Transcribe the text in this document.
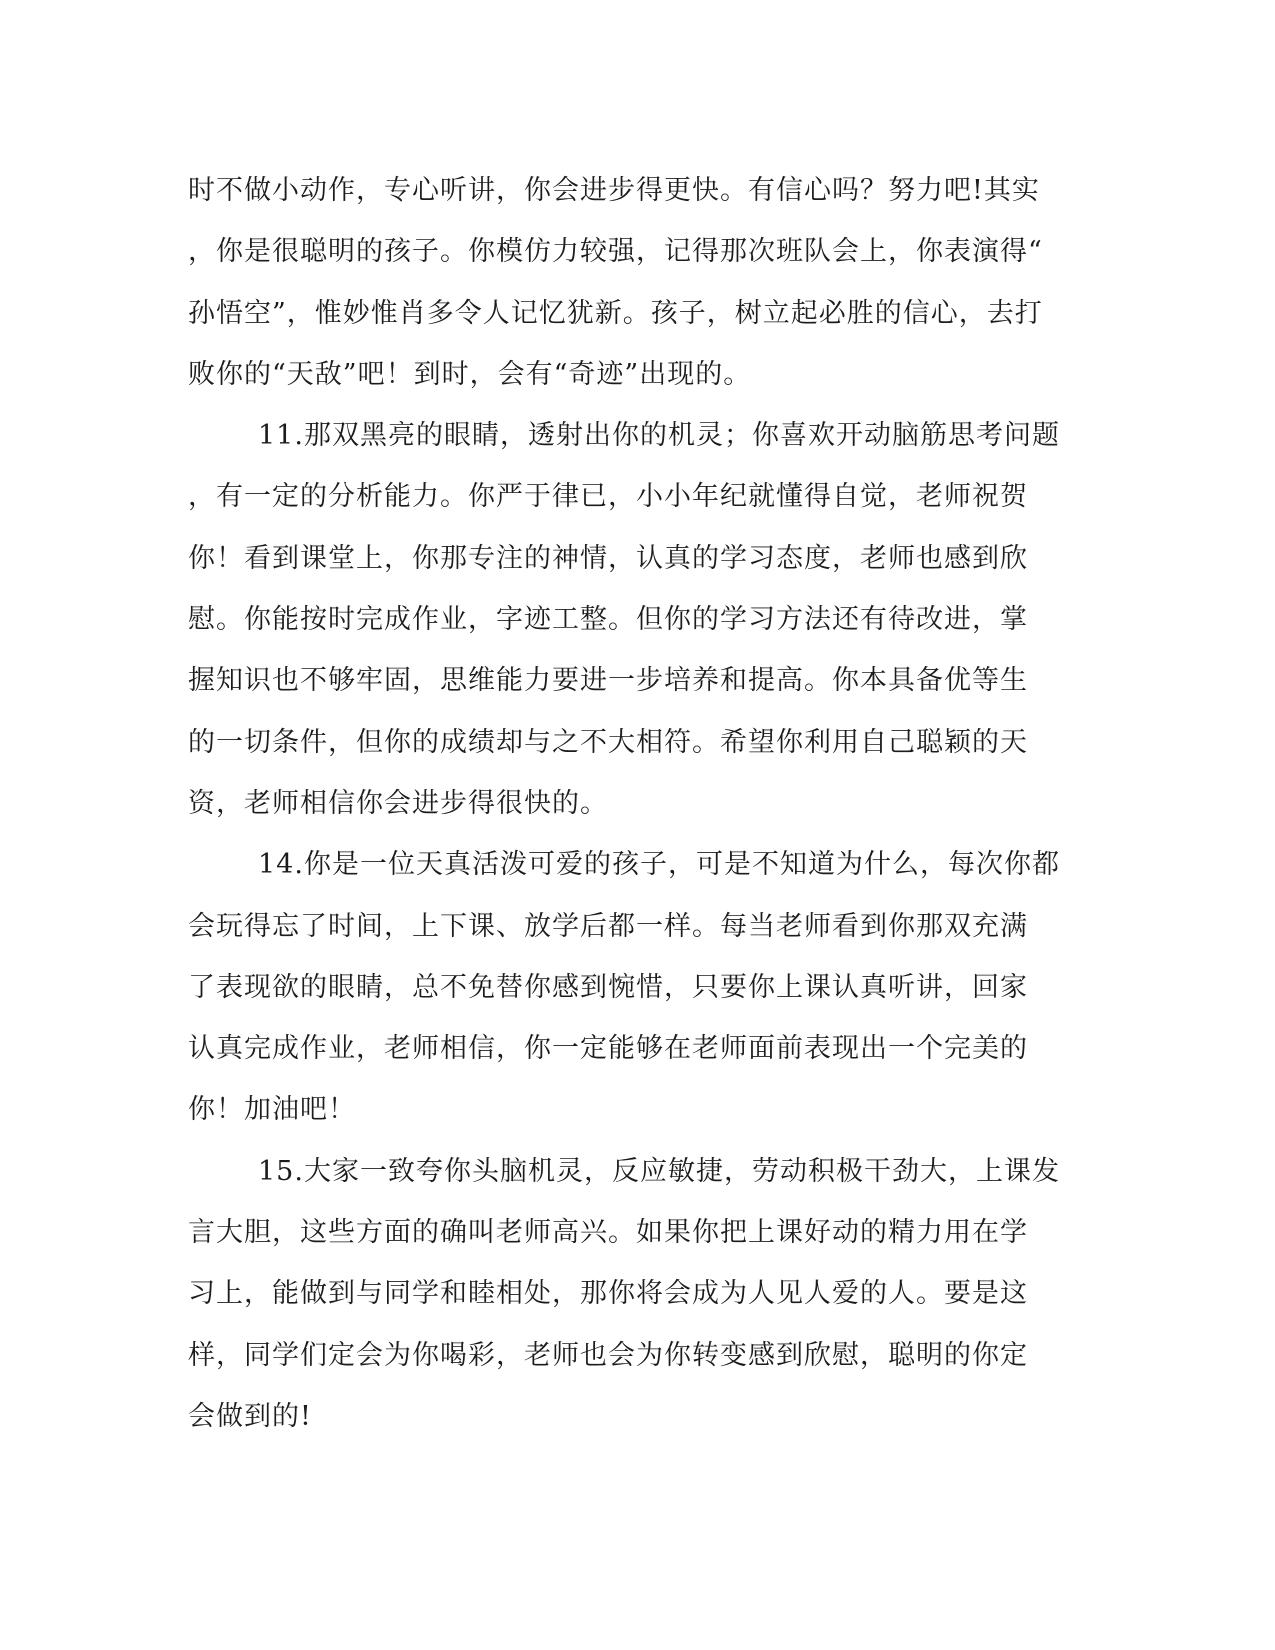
时不做小动作，专心听讲，你会进步得更快。有信心吗？努力吧!其实
，你是很聪明的孩子。你模仿力较强，记得那次班队会上，你表演得“
孙悟空”，惟妙惟肖多令人记忆犹新。孩子，树立起必胜的信心，去打
败你的“天敌”吧！到时，会有“奇迹”出现的。
11.那双黑亮的眼睛，透射出你的机灵；你喜欢开动脑筋思考问题
，有一定的分析能力。你严于律已，小小年纪就懂得自觉，老师祝贺
你！看到课堂上，你那专注的神情，认真的学习态度，老师也感到欣
慰。你能按时完成作业，字迹工整。但你的学习方法还有待改进，掌
握知识也不够牢固，思维能力要进一步培养和提高。你本具备优等生
的一切条件，但你的成绩却与之不大相符。希望你利用自己聪颖的天
资，老师相信你会进步得很快的。
14.你是一位天真活泼可爱的孩子，可是不知道为什么，每次你都
会玩得忘了时间，上下课、放学后都一样。每当老师看到你那双充满
了表现欲的眼睛，总不免替你感到惋惜，只要你上课认真听讲，回家
认真完成作业，老师相信，你一定能够在老师面前表现出一个完美的
你！加油吧！
15.大家一致夸你头脑机灵，反应敏捷，劳动积极干劲大，上课发
言大胆，这些方面的确叫老师高兴。如果你把上课好动的精力用在学
习上，能做到与同学和睦相处，那你将会成为人见人爱的人。要是这
样，同学们定会为你喝彩，老师也会为你转变感到欣慰，聪明的你定
会做到的!
